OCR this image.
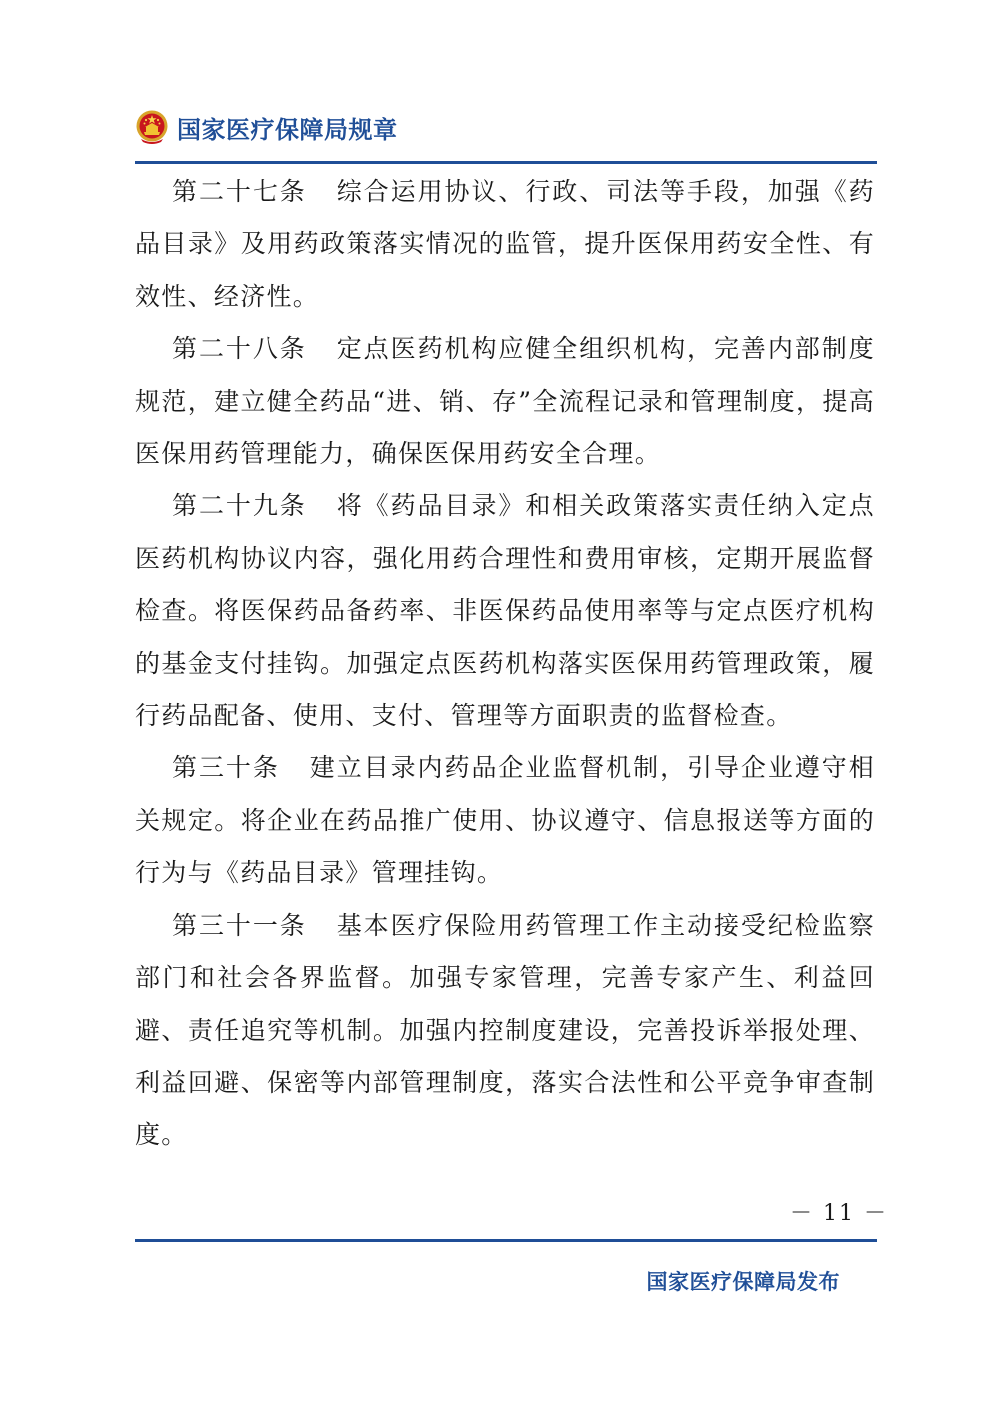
国家医疗保障局规章

第二十七条 综合运用协议、行政、司法等手段，加强《药品目录》及用药政策落实情况的监管，提升医保用药安全性、有效性、经济性。

第二十八条 定点医药机构应健全组织机构，完善内部制度规范，建立健全药品“进、销、存”全流程记录和管理制度，提高医保用药管理能力，确保医保用药安全合理。

第二十九条 将《药品目录》和相关政策落实责任纳入定点医药机构协议内容，强化用药合理性和费用审核，定期开展监督检查。将医保药品备药率、非医保药品使用率等与定点医疗机构的基金支付挂钩。加强定点医药机构落实医保用药管理政策，履行药品配备、使用、支付、管理等方面职责的监督检查。

第三十条 建立目录内药品企业监督机制，引导企业遵守相关规定。将企业在药品推广使用、协议遵守、信息报送等方面的行为与《药品目录》管理挂钩。

第三十一条 基本医疗保险用药管理工作主动接受纪检监察部门和社会各界监督。加强专家管理，完善专家产生、利益回避、责任追究等机制。加强内控制度建设，完善投诉举报处理、利益回避、保密等内部管理制度，落实合法性和公平竞争审查制度。

－ 11 －
国家医疗保障局发布
